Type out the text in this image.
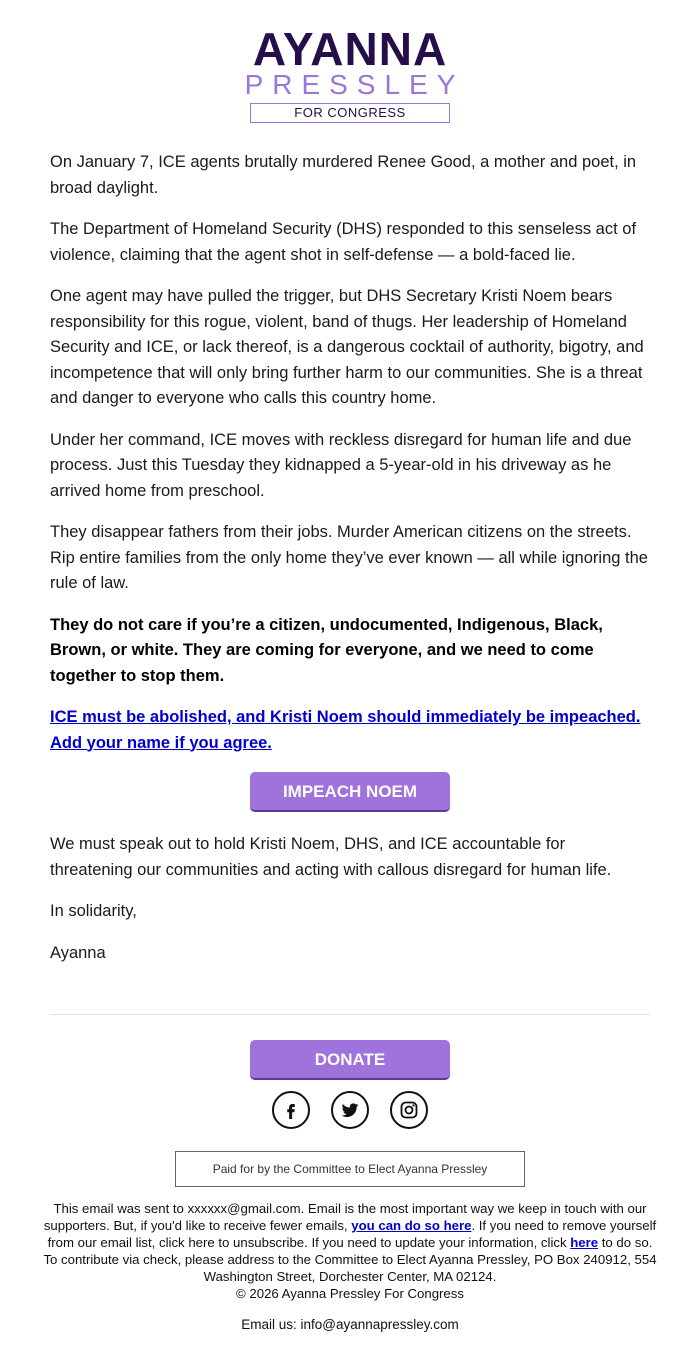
AYANNA
PRESSLEY
FOR CONGRESS

On January 7, ICE agents brutally murdered Renee Good, a mother and poet, in broad daylight.

The Department of Homeland Security (DHS) responded to this senseless act of violence, claiming that the agent shot in self-defense — a bold-faced lie.

One agent may have pulled the trigger, but DHS Secretary Kristi Noem bears responsibility for this rogue, violent, band of thugs. Her leadership of Homeland Security and ICE, or lack thereof, is a dangerous cocktail of authority, bigotry, and incompetence that will only bring further harm to our communities. She is a threat and danger to everyone who calls this country home.

Under her command, ICE moves with reckless disregard for human life and due process. Just this Tuesday they kidnapped a 5-year-old in his driveway as he arrived home from preschool.

They disappear fathers from their jobs. Murder American citizens on the streets. Rip entire families from the only home they’ve ever known — all while ignoring the rule of law.

They do not care if you’re a citizen, undocumented, Indigenous, Black, Brown, or white. They are coming for everyone, and we need to come together to stop them.

ICE must be abolished, and Kristi Noem should immediately be impeached. Add your name if you agree.

IMPEACH NOEM

We must speak out to hold Kristi Noem, DHS, and ICE accountable for threatening our communities and acting with callous disregard for human life.

In solidarity,

Ayanna

DONATE
Paid for by the Committee to Elect Ayanna Pressley
This email was sent to xxxxxx@gmail.com. Email is the most important way we keep in touch with our supporters. But, if you'd like to receive fewer emails, you can do so here. If you need to remove yourself from our email list, click here to unsubscribe. If you need to update your information, click here to do so. To contribute via check, please address to the Committee to Elect Ayanna Pressley, PO Box 240912, 554 Washington Street, Dorchester Center, MA 02124.
© 2026 Ayanna Pressley For Congress
Email us: info@ayannapressley.com
